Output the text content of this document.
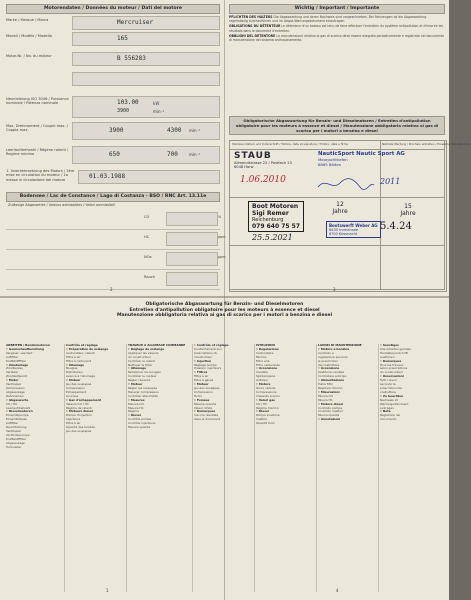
Motorendaten / Données du moteur / Dati del motore
Marke / Marque / Marca	Mercruiser
Modell / Modèle / Modello	165
Motor-Nr. / No. du moteur	B 556283
Nennleistung ISO 3046 / Puissance nominale / Potenza nominale	103.00	kW
3900	min⁻¹
Max. Drehmoment / Couple max. / Coppia max.	3900	4300 min⁻¹
Leerlaufdrehzahl / Régime ralenti / Regime minimo	650	700	min⁻¹
1. Inverkehrsetzung des Motors / 1ère mise en circulation du moteur / 1a messa in circolazione del motore	01.03.1988
Bodensee / Lac de Constance / Lago di Costanza - BSO / RNC Art. 13.11e
Zulässige Abgaswerte / Valeurs admissibles / Valori ammissibili
CO	%
HC	ppm
NOx	ppm
Rauch
2
Wichtig / Important / Importante
PFLICHTEN DES HALTERS Die Abgaswartung und deren Nachweis sind vorgeschrieben. Bei Fahrzeugen ist die Abgaswartung regelmässig durchzuführen und im Abgas-Wartungsdokument einzutragen.
OBLIGATIONS DU DÉTENTEUR Le détenteur d'un bateau est tenu de faire effectuer l'entretien du système antipollution et d'inscrire les résultats dans le document d'entretien.
OBBLIGHI DEL DETENTORE La manutenzione relativa ai gas di scarico deve essere eseguita periodicamente e registrata nel documento di manutenzione del sistema antinquinamento.
Obligatorische Abgaswartung für Benzin- und Dieselmotoren / Entretien d'antipollution obligatoire pour les moteurs à essence et diesel / Manutenzione obbligatoria relativa ai gas di scarico per i motori a benzina e diesel
Stempel, Datum und Unterschrift / Timbre, date et signature / Timbro, data e firma	Nächste Wartung / Prochain entretien / Prossima manutenzione
STAUB
Allmendstrasse 22 / Postfach 23
6048 Horw
NauticSport Nautic Sport AG
Moorjachthafen
8865 Bäiten
1.06.2010	2011
Boot Motoren
Sigi Remer
Reichenburg
079 640 75 57
12 Jahre
15 Jahre
Bootswerft Weber AG
6405 Immensee
6?00 Küssnacht
5.4.24
25.5.2021
3
Obligatorische Abgaswartung für Benzin- und Dieselmotoren
Entretien d'antipollution obligatoire pour les moteurs à essence et diesel
Manutenzione obbligatoria relativa ai gas di scarico per i motori a benzina e diesel
ARBEITEN / Benzinmotoren
• Gemischaufbereitung
Vergaser, Leerlauf
Luftfilter
Kraftstofffilter
• Zündanlage
Zündkerzen
Verteiler
Zündzeitpunkt
• Motor
Ventilspiel
Kompression
Abgasanlage
Zahnriemen
• Abgaswerte
CO / HC
Leerlaufdrehzahl
• Dieselmotoren
Einspritzpumpe
Einspritzdüsen
Luftfilter
Rauchtrübung
Ventilspiel
Vorförderpumpe
Kraftstofffilter
Abgasanlage
Turbolader
Contrôle et réglage
• Préparation du mélange
Carburateur, ralenti
Filtre à air
Filtre à carburant
• Allumage
Bougies
Distributeur
Avance à l'allumage
• Moteur
Jeu des soupapes
Compression
Échappement
Courroie
• Gaz d'échappement
Valeurs CO / HC
Régime de ralenti
• Moteurs diesel
Pompe d'injection
Injecteurs
Filtre à air
Opacité des fumées
Jeu des soupapes
TRAVAUX A ALLUMAGE COMMANDE
• Réglage du mélange
Appliquer les valeurs
du constructeur
Contrôler le ralenti
Nettoyer le filtre
• Allumage
Remplacer les bougies
Contrôler le rupteur
Régler l'avance
• Moteur
Régler les soupapes
Mesurer compression
Contrôler étanchéité
• Mesures
Mesure CO
Mesure HC
Régime
• Diesel
Contrôle pompe
Contrôle injecteurs
Mesure opacité
• Contrôle et réglage
Conformément aux
prescriptions du
constructeur
• Injection
Réglage pompe
Pression injecteurs
• Filtres
Filtre à air
Filtre à gasoil
• Moteur
Jeu aux soupapes
Compression
Turbo
• Fumées
Mesure opacité
Valeur limite
• Remarques
Inscrire résultats
dans le document
ISTRUZIONI
• Regolazione
Carburatore
Minimo
Filtro aria
Filtro carburante
• Accensione
Candele
Spinterogeno
Anticipo
• Motore
Gioco valvole
Compressione
Impianto scarico
• Valori gas
CO / HC
Regime minimo
• Diesel
Pompa iniezione
Iniettori
Opacità fumi
LAVORI DI MANUTENZIONE
• Motore a benzina
Controllo e
regolazione secondo
le prescrizioni
del costruttore
• Accensione
Sostituire candele
Controllare anticipo
• Alimentazione
Pulire filtri
Regolare minimo
• Misurazioni
Misura CO
Misura HC
• Motore diesel
Controllo pompa
Controllo iniettori
Misura opacità
• Annotazioni
• Sonstiges
Alle Arbeiten gemäss
Herstellervorschrift
ausführen
• Remarques
Tous les travaux
selon prescriptions
du constructeur
• Osservazioni
Tutti i lavori
secondo le
prescrizioni del
costruttore
• Zu beachten
Nachweis im
Wartungsdokument
eintragen
• Nota
Registrare nel
documento
1	4
